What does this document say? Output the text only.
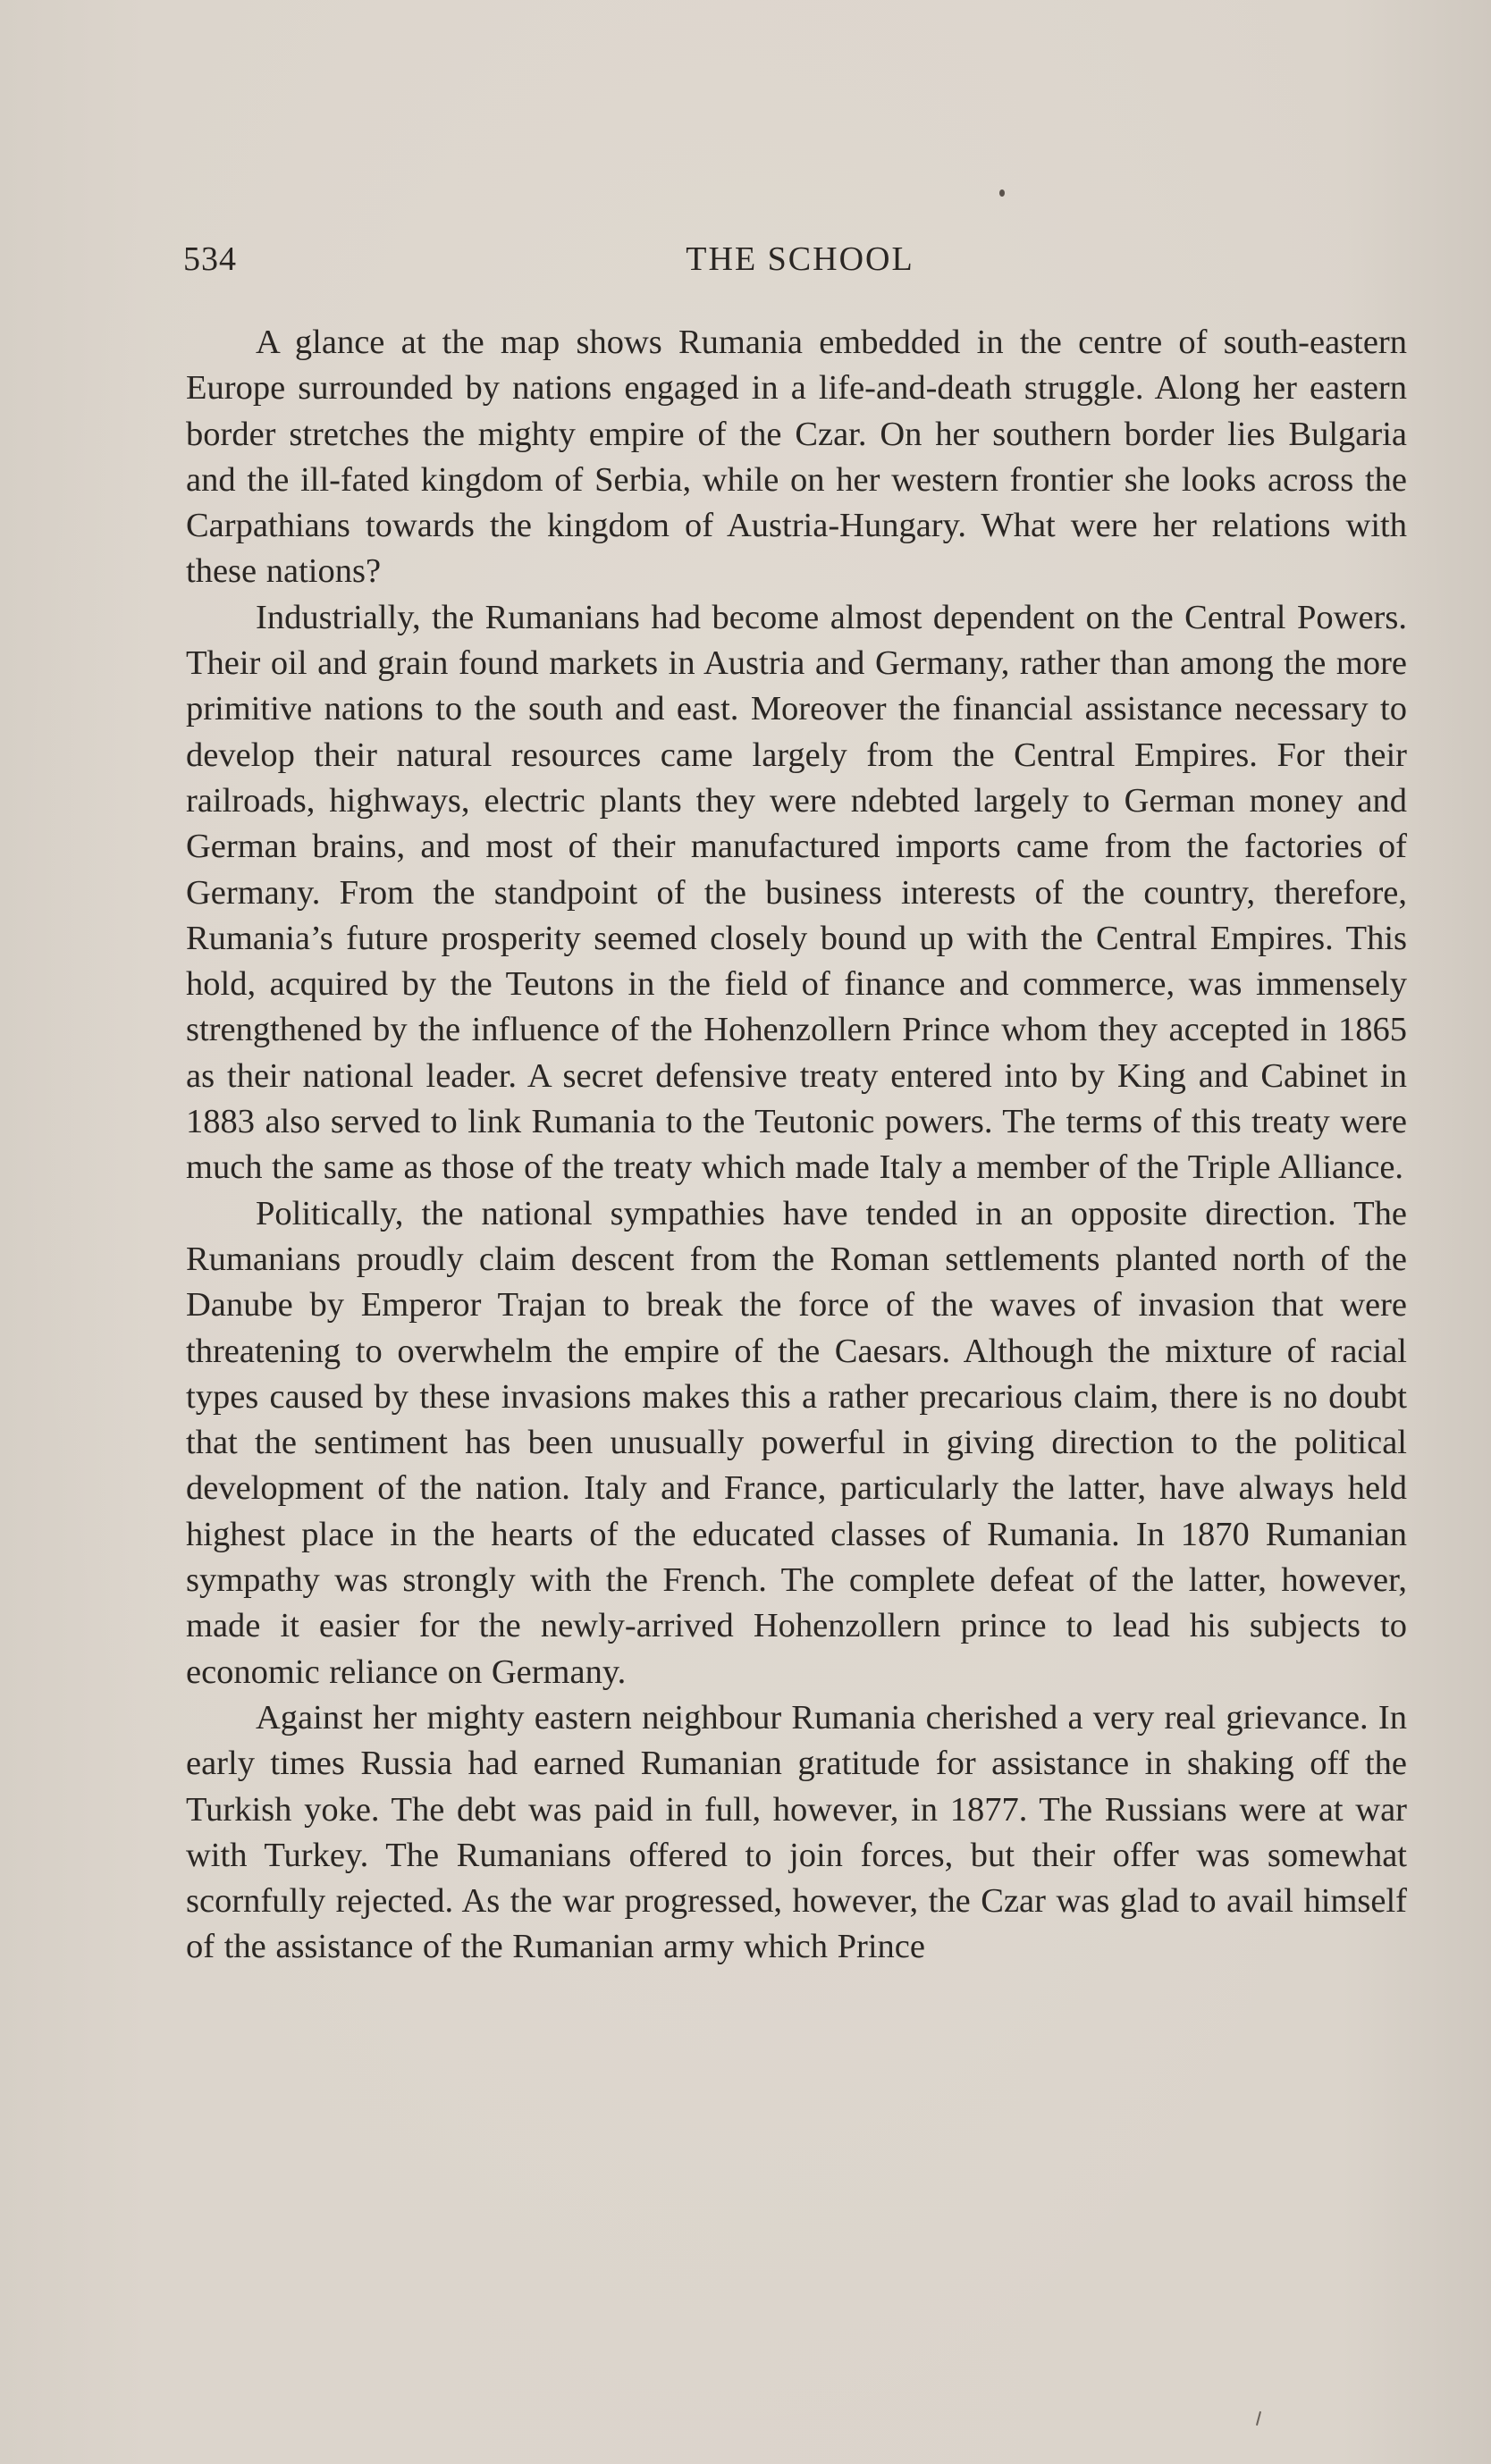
534	THE SCHOOL

A glance at the map shows Rumania embedded in the centre of south-eastern Europe surrounded by nations engaged in a life-and-death struggle. Along her eastern border stretches the mighty empire of the Czar. On her southern border lies Bulgaria and the ill-fated kingdom of Serbia, while on her western frontier she looks across the Carpathians towards the kingdom of Austria-Hungary. What were her relations with these nations?

Industrially, the Rumanians had become almost dependent on the Central Powers. Their oil and grain found markets in Austria and Germany, rather than among the more primitive nations to the south and east. Moreover the financial assistance necessary to develop their natural resources came largely from the Central Empires. For their railroads, highways, electric plants they were ndebted largely to German money and German brains, and most of their manufactured imports came from the factories of Germany. From the standpoint of the business interests of the country, therefore, Rumania’s future prosperity seemed closely bound up with the Central Empires. This hold, acquired by the Teutons in the field of finance and commerce, was immensely strengthened by the influence of the Hohenzollern Prince whom they accepted in 1865 as their national leader. A secret defensive treaty entered into by King and Cabinet in 1883 also served to link Rumania to the Teutonic powers. The terms of this treaty were much the same as those of the treaty which made Italy a member of the Triple Alliance.

Politically, the national sympathies have tended in an opposite direction. The Rumanians proudly claim descent from the Roman settlements planted north of the Danube by Emperor Trajan to break the force of the waves of invasion that were threatening to overwhelm the empire of the Caesars. Although the mixture of racial types caused by these invasions makes this a rather precarious claim, there is no doubt that the sentiment has been unusually powerful in giving direction to the political development of the nation. Italy and France, particularly the latter, have always held highest place in the hearts of the educated classes of Rumania. In 1870 Rumanian sympathy was strongly with the French. The complete defeat of the latter, however, made it easier for the newly-arrived Hohenzollern prince to lead his subjects to economic reliance on Germany.

Against her mighty eastern neighbour Rumania cherished a very real grievance. In early times Russia had earned Rumanian gratitude for assistance in shaking off the Turkish yoke. The debt was paid in full, however, in 1877. The Russians were at war with Turkey. The Rumanians offered to join forces, but their offer was somewhat scornfully rejected. As the war progressed, however, the Czar was glad to avail himself of the assistance of the Rumanian army which Prince
